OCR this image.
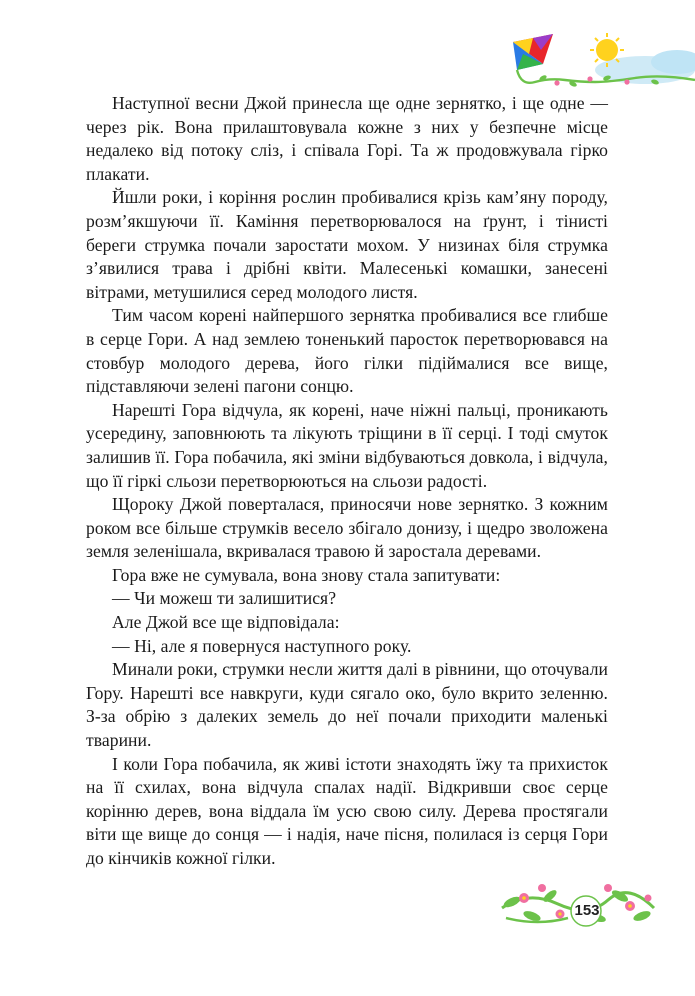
Наступної весни Джой принесла ще одне зернятко, і ще одне — через рік. Вона прилаштовувала кожне з них у безпечне місце недалеко від потоку сліз, і співала Горі. Та ж продовжувала гірко плакати.

Йшли роки, і коріння рослин пробивалися крізь кам’яну породу, розм’якшуючи її. Каміння перетворювалося на ґрунт, і тінисті береги струмка почали заростати мохом. У низинах біля струмка з’явилися трава і дрібні квіти. Малесенькі комашки, занесені вітрами, метушилися серед молодого листя.

Тим часом корені найпершого зернятка пробивалися все глибше в серце Гори. А над землею тоненький паросток перетворювався на стовбур молодого дерева, його гілки підіймалися все вище, підставляючи зелені пагони сонцю.

Нарешті Гора відчула, як корені, наче ніжні пальці, проникають усередину, заповнюють та лікують тріщини в її серці. І тоді смуток залишив її. Гора побачила, які зміни відбуваються довкола, і відчула, що її гіркі сльози перетворюються на сльози радості.

Щороку Джой поверталася, приносячи нове зернятко. З кожним роком все більше струмків весело збігало донизу, і щедро зволожена земля зеленішала, вкривалася травою й заростала деревами.

Гора вже не сумувала, вона знову стала запитувати:

— Чи можеш ти залишитися?

Але Джой все ще відповідала:

— Ні, але я повернуся наступного року.

Минали роки, струмки несли життя далі в рівнини, що оточували Гору. Нарешті все навкруги, куди сягало око, було вкрито зеленню. З-за обрію з далеких земель до неї почали приходити маленькі тварини.

І коли Гора побачила, як живі істоти знаходять їжу та прихисток на її схилах, вона відчула спалах надії. Відкривши своє серце корінню дерев, вона віддала їм усю свою силу. Дерева простягали віти ще вище до сонця — і надія, наче пісня, полилася із серця Гори до кінчиків кожної гілки.

153
